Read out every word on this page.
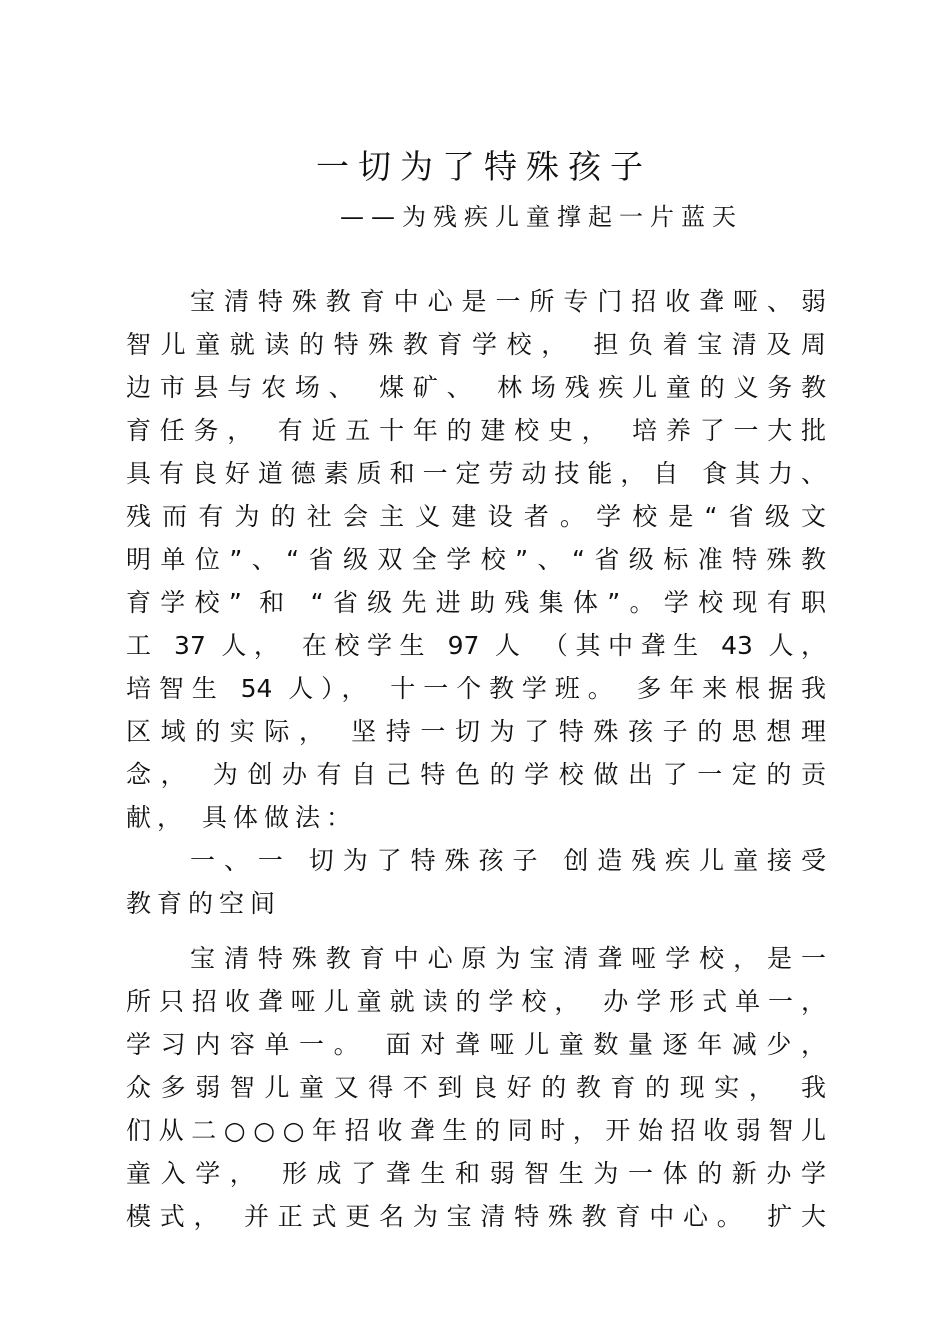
一切为了特殊孩子
——为残疾儿童撑起一片蓝天
宝清特殊教育中心是一所专门招收聋哑、弱
智儿童就读的特殊教育学校， 担负着宝清及周
边市县与农场、 煤矿、 林场残疾儿童的义务教
育任务， 有近五十年的建校史， 培养了一大批
具有良好道德素质和一定劳动技能，自 食其力、
残而有为的社会主义建设者。学校是“省级文
明单位”、“省级双全学校”、“省级标准特殊教
育学校” 和 “省级先进助残集体”。学校现有职
工 37 人， 在校学生 97 人 （其中聋生 43 人，
培智生 54 人）， 十一个教学班。 多年来根据我
区域的实际， 坚持一切为了特殊孩子的思想理
念， 为创办有自己特色的学校做出了一定的贡
献， 具体做法：
一、一 切为了特殊孩子 创造残疾儿童接受
教育的空间
宝清特殊教育中心原为宝清聋哑学校，是一
所只招收聋哑儿童就读的学校， 办学形式单一，
学习内容单一。 面对聋哑儿童数量逐年减少，
众多弱智儿童又得不到良好的教育的现实， 我
们从二○○○年招收聋生的同时，开始招收弱智儿
童入学， 形成了聋生和弱智生为一体的新办学
模式， 并正式更名为宝清特殊教育中心。 扩大
